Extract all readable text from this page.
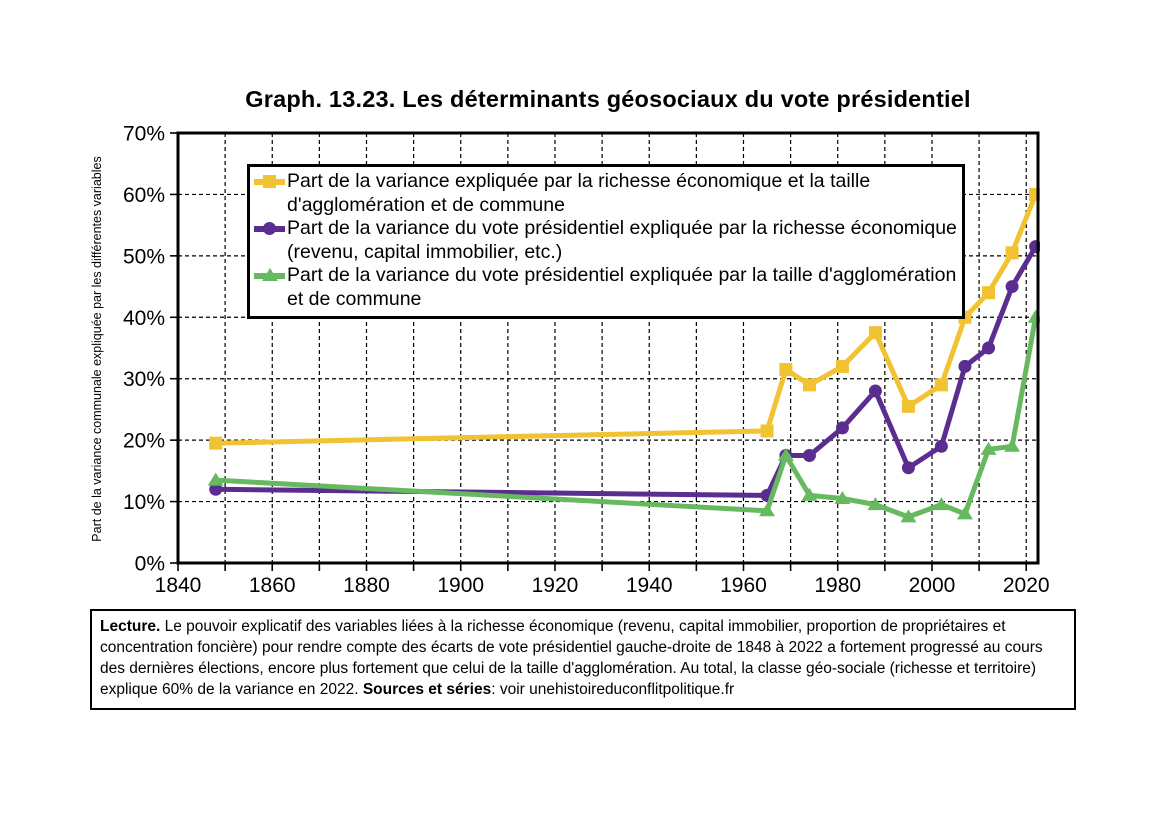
Graph. 13.23. Les déterminants géosociaux du vote présidentiel
1840 1860 1880 1900 1920 1940 1960 1980 2000 2020
0%
10%
20%
30%
40%
50%
60%
70%
Part de la variance communale expliquée par les différentes variables	Part de la variance expliquée par la richesse économique et la taille d'agglomération et de commune
Part de la variance du vote présidentiel expliquée par la richesse économique (revenu, capital immobilier, etc.)
Part de la variance du vote présidentiel expliquée par la taille d'agglomération et de commune
Lecture. Le pouvoir explicatif des variables liées à la richesse économique (revenu, capital immobilier, proportion de propriétaires et concentration foncière) pour rendre compte des écarts de vote présidentiel gauche-droite de 1848 à 2022 a fortement progressé au cours des dernières élections, encore plus fortement que celui de la taille d'agglomération. Au total, la classe géo-sociale (richesse et territoire) explique 60% de la variance en 2022. Sources et séries: voir unehistoireduconflitpolitique.fr
